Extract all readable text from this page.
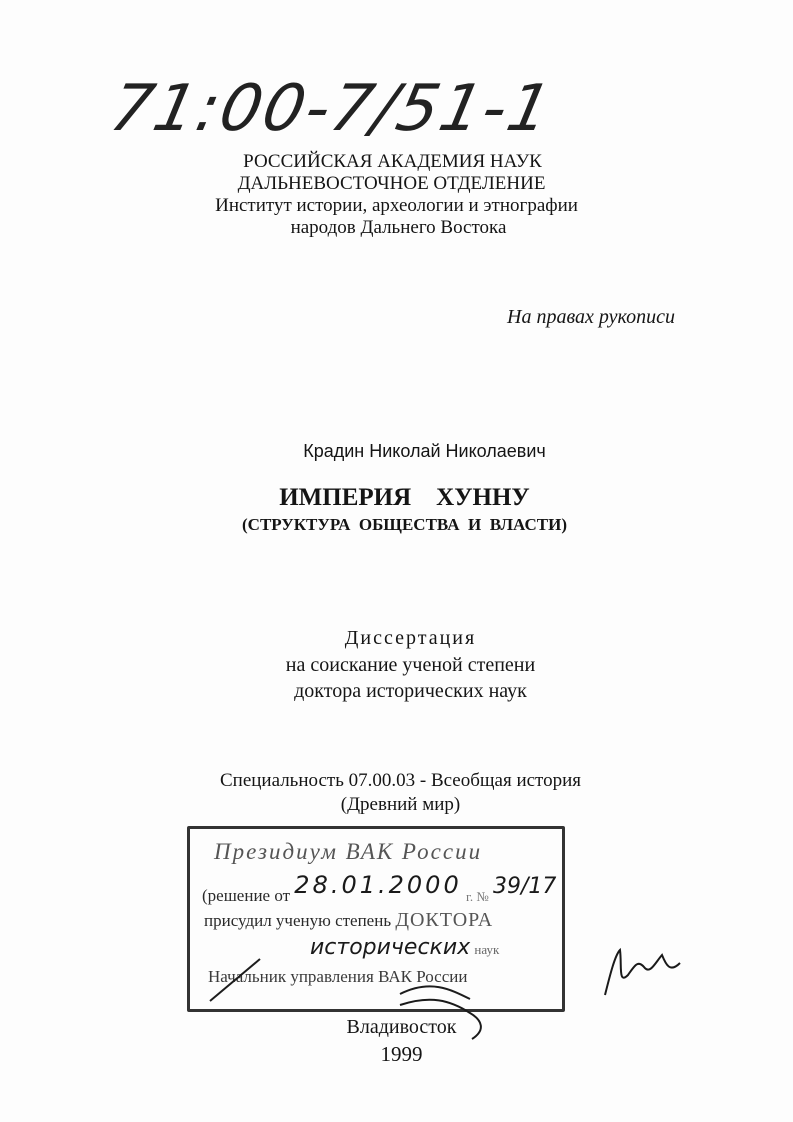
71:00-7/51-1
РОССИЙСКАЯ АКАДЕМИЯ НАУК
ДАЛЬНЕВОСТОЧНОЕ ОТДЕЛЕНИЕ
Институт истории, археологии и этнографии
народов Дальнего Востока
На правах рукописи
Крадин Николай Николаевич
ИМПЕРИЯ    ХУННУ
(СТРУКТУРА  ОБЩЕСТВА  И  ВЛАСТИ)
Диссертация
на соискание ученой степени
доктора исторических наук
Специальность 07.00.03 - Всеобщая история
(Древний мир)
Президиум ВАК России
(решение от 28.01.2000 г. № 39/17
присудил ученую степень ДОКТОРА
исторических наук
Начальник управления ВАК России
Владивосток
1999
